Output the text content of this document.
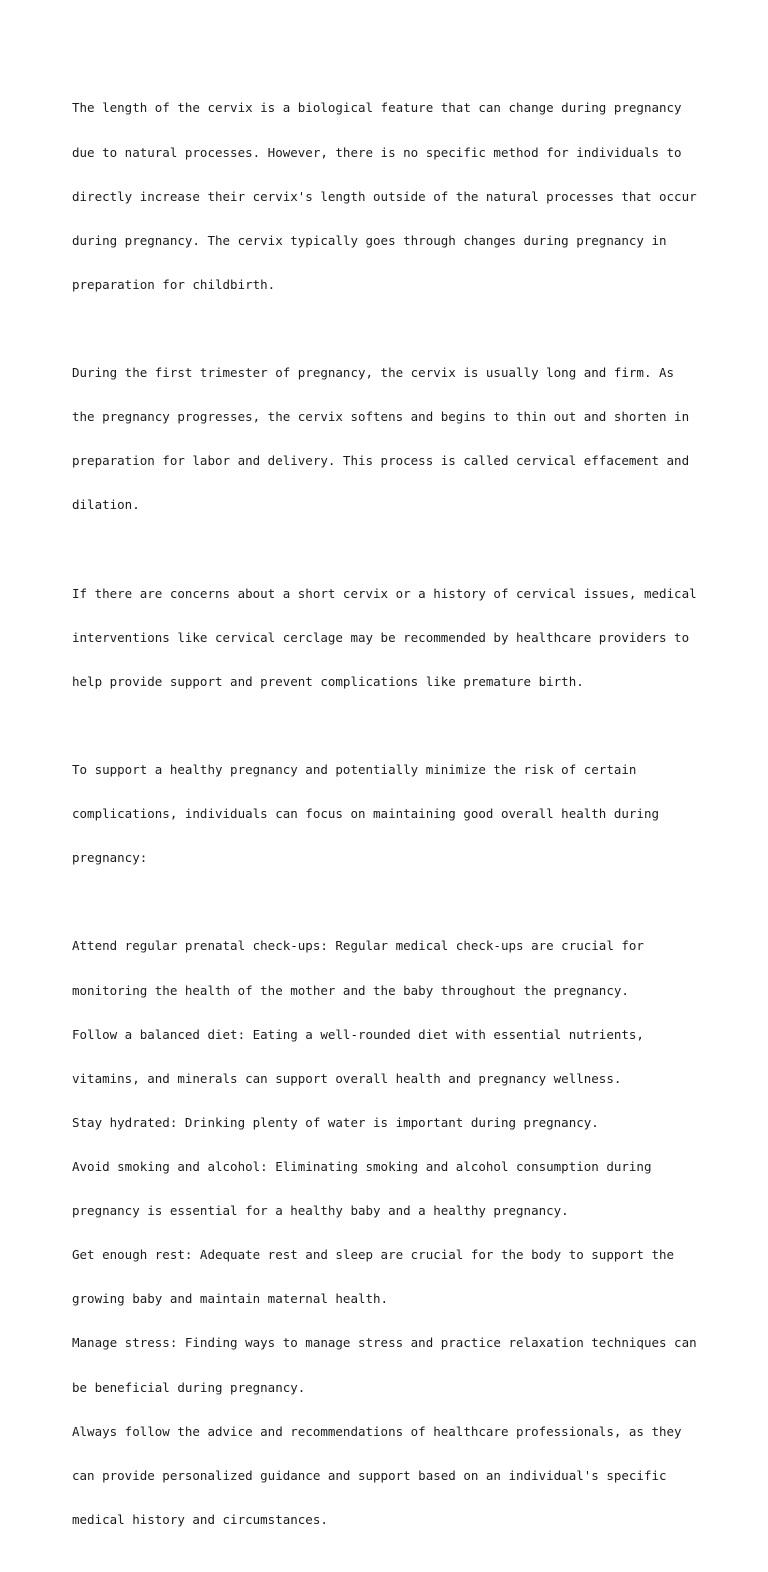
The length of the cervix is a biological feature that can change during pregnancy

due to natural processes. However, there is no specific method for individuals to

directly increase their cervix's length outside of the natural processes that occur

during pregnancy. The cervix typically goes through changes during pregnancy in

preparation for childbirth.

During the first trimester of pregnancy, the cervix is usually long and firm. As

the pregnancy progresses, the cervix softens and begins to thin out and shorten in

preparation for labor and delivery. This process is called cervical effacement and

dilation.

If there are concerns about a short cervix or a history of cervical issues, medical

interventions like cervical cerclage may be recommended by healthcare providers to

help provide support and prevent complications like premature birth.

To support a healthy pregnancy and potentially minimize the risk of certain

complications, individuals can focus on maintaining good overall health during

pregnancy:

Attend regular prenatal check-ups: Regular medical check-ups are crucial for

monitoring the health of the mother and the baby throughout the pregnancy.

Follow a balanced diet: Eating a well-rounded diet with essential nutrients,

vitamins, and minerals can support overall health and pregnancy wellness.

Stay hydrated: Drinking plenty of water is important during pregnancy.

Avoid smoking and alcohol: Eliminating smoking and alcohol consumption during

pregnancy is essential for a healthy baby and a healthy pregnancy.

Get enough rest: Adequate rest and sleep are crucial for the body to support the

growing baby and maintain maternal health.

Manage stress: Finding ways to manage stress and practice relaxation techniques can

be beneficial during pregnancy.

Always follow the advice and recommendations of healthcare professionals, as they

can provide personalized guidance and support based on an individual's specific

medical history and circumstances.
